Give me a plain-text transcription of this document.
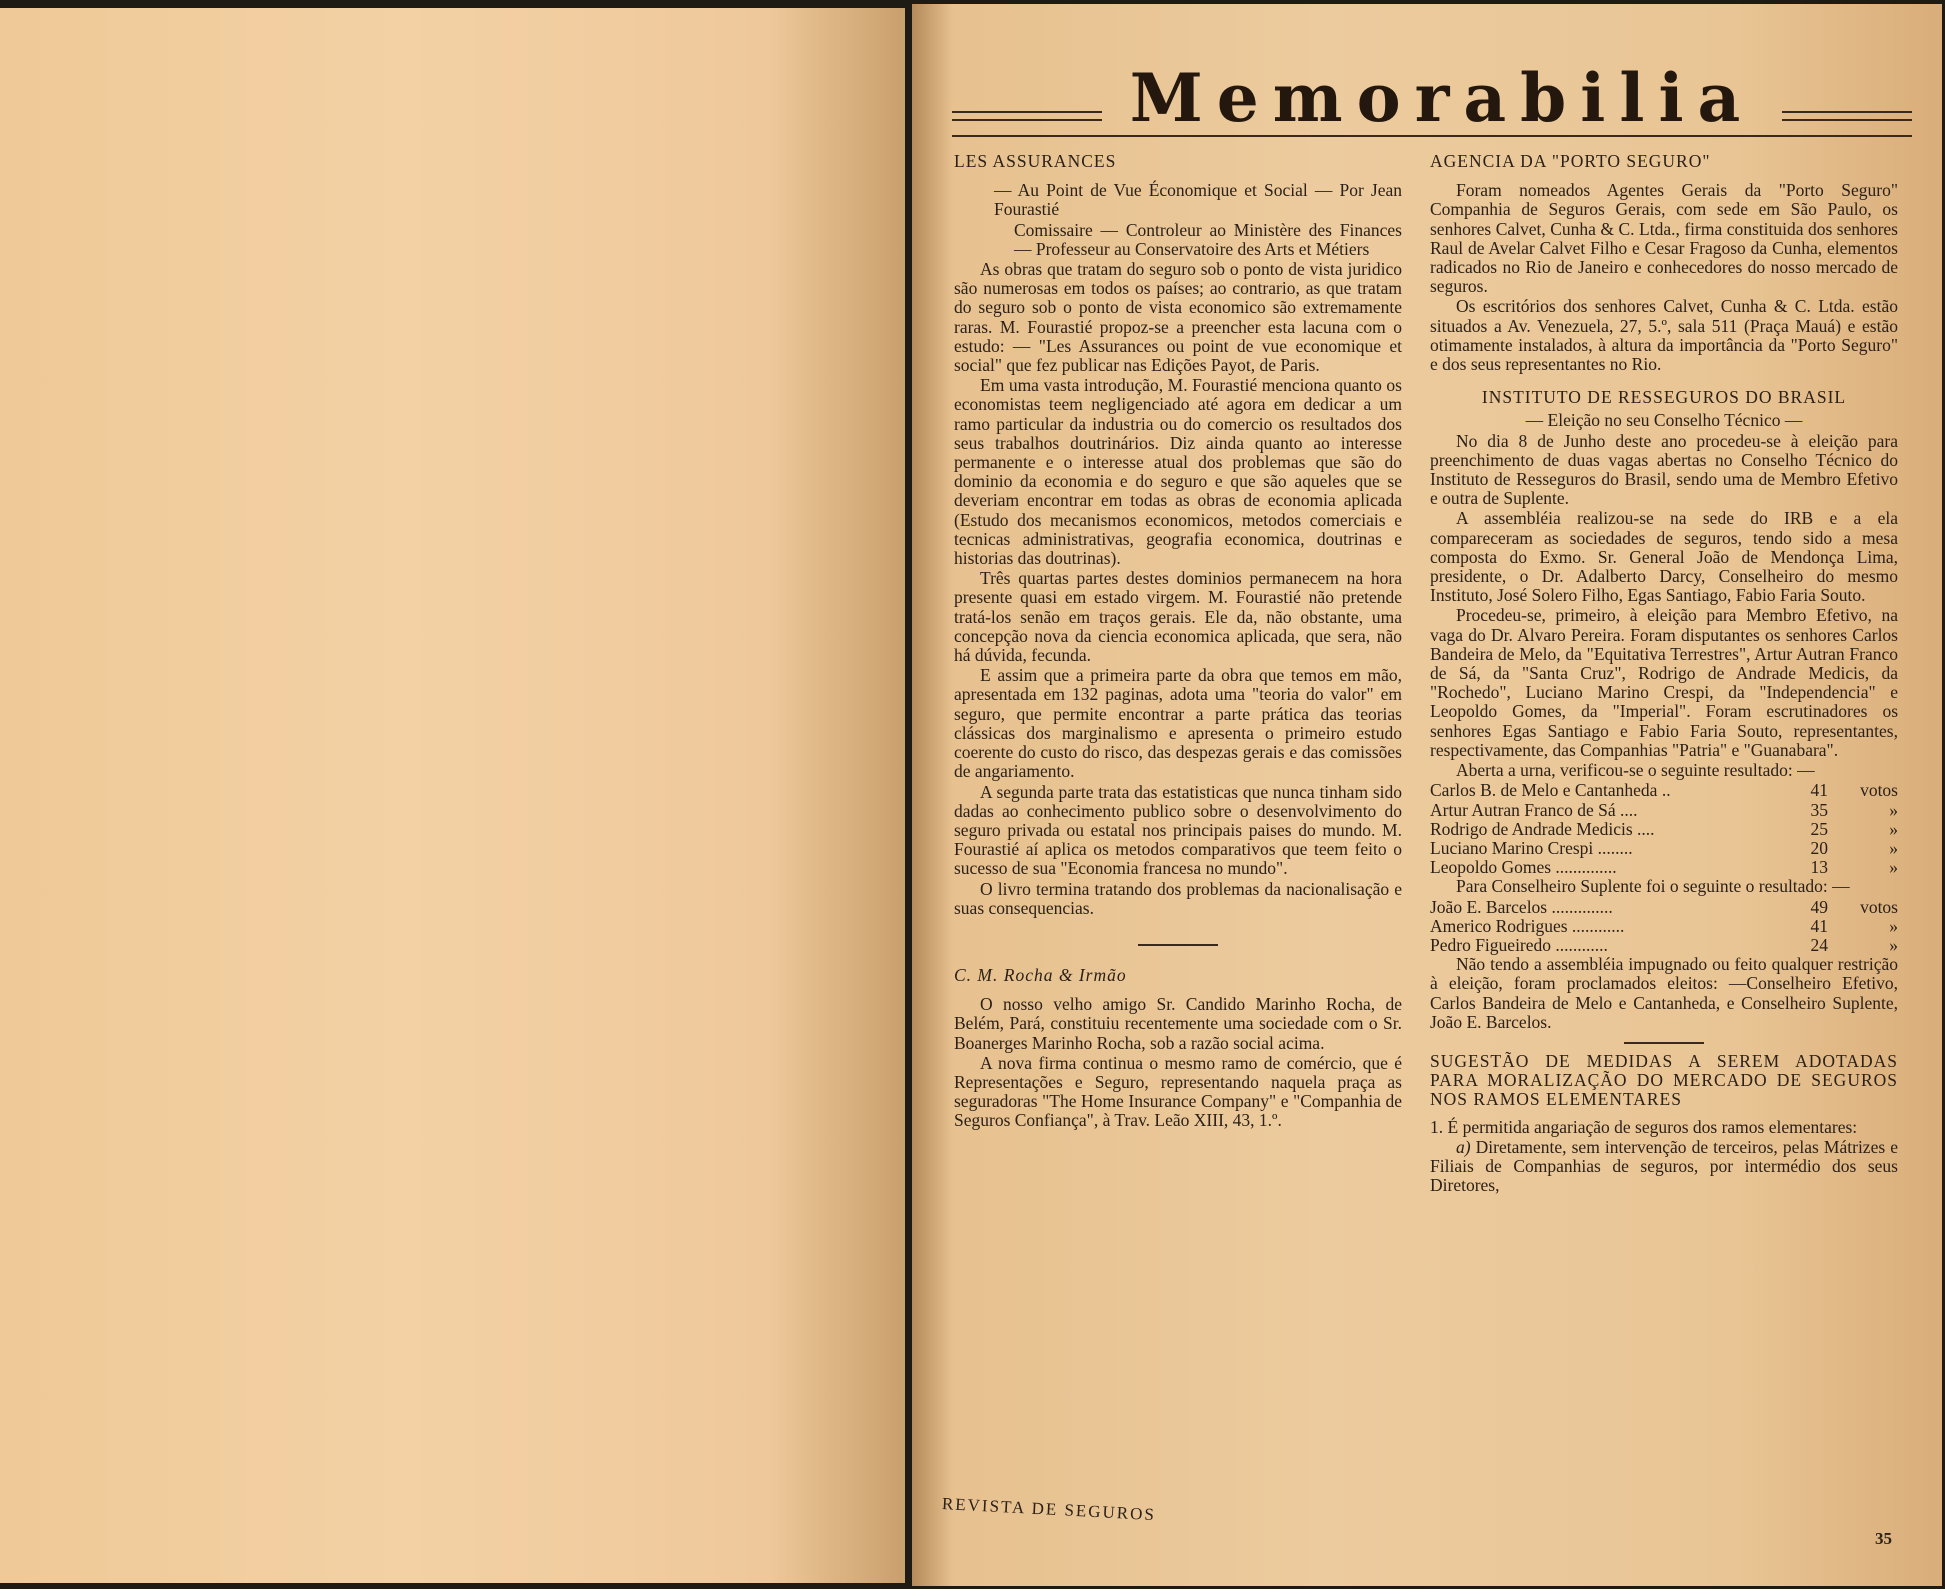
Memorabilia
LES ASSURANCES

— Au Point de Vue Économique et Social — Por Jean Fourastié

Comissaire — Controleur ao Ministère des Finances — Professeur au Conservatoire des Arts et Métiers

As obras que tratam do seguro sob o ponto de vista juridico são numerosas em todos os países; ao contrario, as que tratam do seguro sob o ponto de vista economico são extremamente raras. M. Fourastié propoz-se a preencher esta lacuna com o estudo: — "Les Assurances ou point de vue economique et social" que fez publicar nas Edições Payot, de Paris.

Em uma vasta introdução, M. Fourastié menciona quanto os economistas teem negligenciado até agora em dedicar a um ramo particular da industria ou do comercio os resultados dos seus trabalhos doutrinários. Diz ainda quanto ao interesse permanente e o interesse atual dos problemas que são do dominio da economia e do seguro e que são aqueles que se deveriam encontrar em todas as obras de economia aplicada (Estudo dos mecanismos economicos, metodos comerciais e tecnicas administrativas, geografia economica, doutrinas e historias das doutrinas).

Três quartas partes destes dominios permanecem na hora presente quasi em estado virgem. M. Fourastié não pretende tratá-los senão em traços gerais. Ele da, não obstante, uma concepção nova da ciencia economica aplicada, que sera, não há dúvida, fecunda.

E assim que a primeira parte da obra que temos em mão, apresentada em 132 paginas, adota uma "teoria do valor" em seguro, que permite encontrar a parte prática das teorias clássicas dos marginalismo e apresenta o primeiro estudo coerente do custo do risco, das despezas gerais e das comissões de angariamento.

A segunda parte trata das estatisticas que nunca tinham sido dadas ao conhecimento publico sobre o desenvolvimento do seguro privada ou estatal nos principais paises do mundo. M. Fourastié aí aplica os metodos comparativos que teem feito o sucesso de sua "Economia francesa no mundo".

O livro termina tratando dos problemas da nacionalisação e suas consequencias.

C. M. Rocha & Irmão

O nosso velho amigo Sr. Candido Marinho Rocha, de Belém, Pará, constituiu recentemente uma sociedade com o Sr. Boanerges Marinho Rocha, sob a razão social acima.

A nova firma continua o mesmo ramo de comércio, que é Representações e Seguro, representando naquela praça as seguradoras "The Home Insurance Company" e "Companhia de Seguros Confiança", à Trav. Leão XIII, 43, 1.º.

AGENCIA DA "PORTO SEGURO"

Foram nomeados Agentes Gerais da "Porto Seguro" Companhia de Seguros Gerais, com sede em São Paulo, os senhores Calvet, Cunha & C. Ltda., firma constituida dos senhores Raul de Avelar Calvet Filho e Cesar Fragoso da Cunha, elementos radicados no Rio de Janeiro e conhecedores do nosso mercado de seguros.

Os escritórios dos senhores Calvet, Cunha & C. Ltda. estão situados a Av. Venezuela, 27, 5.º, sala 511 (Praça Mauá) e estão otimamente instalados, à altura da importância da "Porto Seguro" e dos seus representantes no Rio.

INSTITUTO DE RESSEGUROS DO BRASIL

— Eleição no seu Conselho Técnico —

No dia 8 de Junho deste ano procedeu-se à eleição para preenchimento de duas vagas abertas no Conselho Técnico do Instituto de Resseguros do Brasil, sendo uma de Membro Efetivo e outra de Suplente.

A assembléia realizou-se na sede do IRB e a ela compareceram as sociedades de seguros, tendo sido a mesa composta do Exmo. Sr. General João de Mendonça Lima, presidente, o Dr. Adalberto Darcy, Conselheiro do mesmo Instituto, José Solero Filho, Egas Santiago, Fabio Faria Souto.

Procedeu-se, primeiro, à eleição para Membro Efetivo, na vaga do Dr. Alvaro Pereira. Foram disputantes os senhores Carlos Bandeira de Melo, da "Equitativa Terrestres", Artur Autran Franco de Sá, da "Santa Cruz", Rodrigo de Andrade Medicis, da "Rochedo", Luciano Marino Crespi, da "Independencia" e Leopoldo Gomes, da "Imperial". Foram escrutinadores os senhores Egas Santiago e Fabio Faria Souto, representantes, respectivamente, das Companhias "Patria" e "Guanabara".

Aberta a urna, verificou-se o seguinte resultado: —

Carlos B. de Melo e Cantanheda ..	41	votos
Artur Autran Franco de Sá ....	35	»
Rodrigo de Andrade Medicis ....	25	»
Luciano Marino Crespi ........	20	»
Leopoldo Gomes ..............	13	»

Para Conselheiro Suplente foi o seguinte o resultado: —

João E. Barcelos ..............	49	votos
Americo Rodrigues ............	41	»
Pedro Figueiredo ............	24	»

Não tendo a assembléia impugnado ou feito qualquer restrição à eleição, foram proclamados eleitos: —Conselheiro Efetivo, Carlos Bandeira de Melo e Cantanheda, e Conselheiro Suplente, João E. Barcelos.

SUGESTÃO DE MEDIDAS A SEREM ADOTADAS PARA MORALIZAÇÃO DO MERCADO DE SEGUROS NOS RAMOS ELEMENTARES

1. É permitida angariação de seguros dos ramos elementares:

a) Diretamente, sem intervenção de terceiros, pelas Mátrizes e Filiais de Companhias de seguros, por intermédio dos seus Diretores,

REVISTA DE SEGUROS
35
